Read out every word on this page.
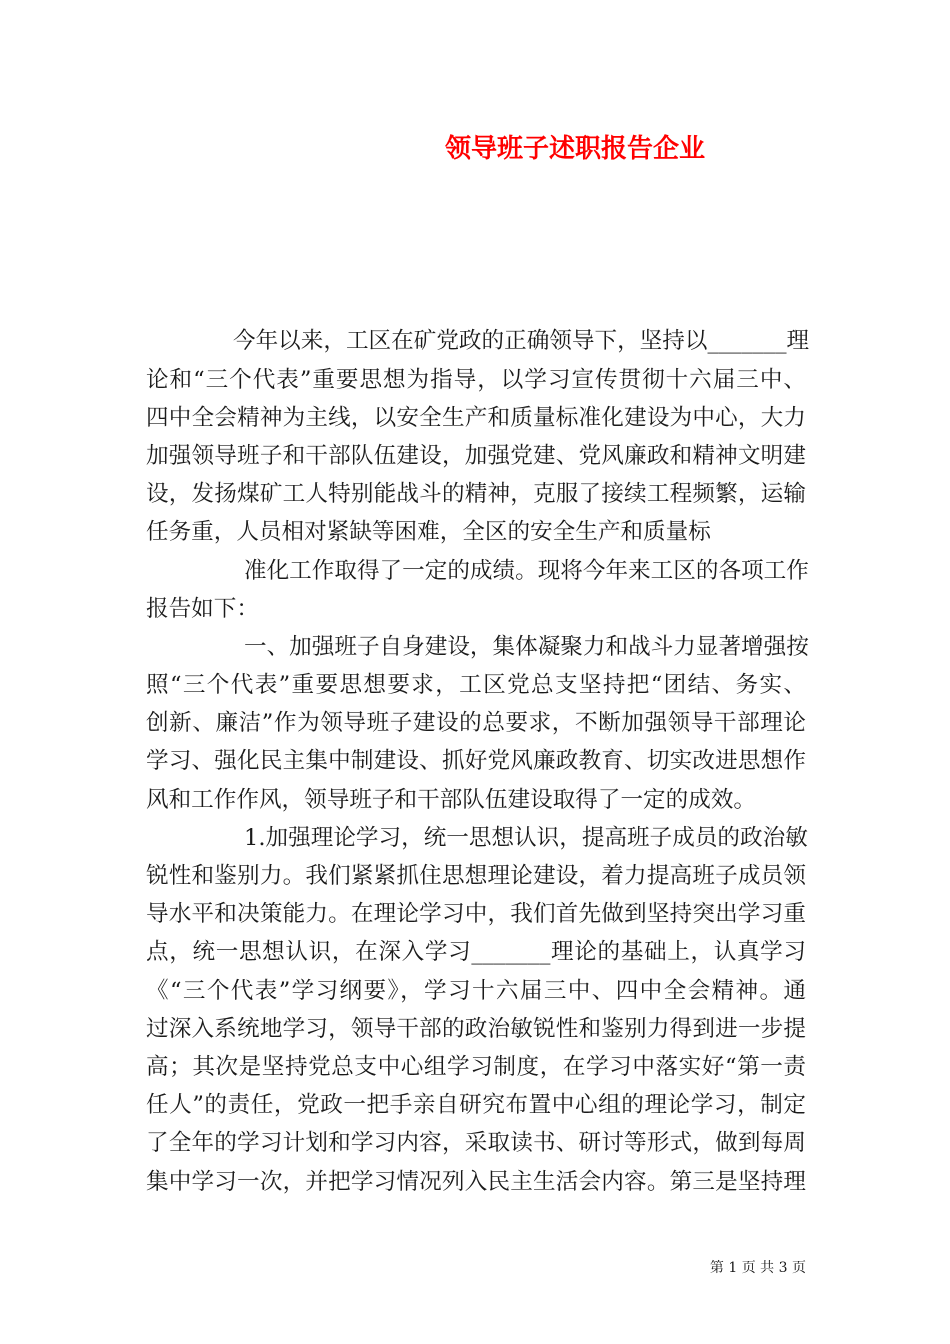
领导班子述职报告企业
今年以来，工区在矿党政的正确领导下，坚持以_______理
论和“三个代表”重要思想为指导，以学习宣传贯彻十六届三中、
四中全会精神为主线，以安全生产和质量标准化建设为中心，大力
加强领导班子和干部队伍建设，加强党建、党风廉政和精神文明建
设，发扬煤矿工人特别能战斗的精神，克服了接续工程频繁，运输
任务重，人员相对紧缺等困难，全区的安全生产和质量标
准化工作取得了一定的成绩。现将今年来工区的各项工作
报告如下：
一、加强班子自身建设，集体凝聚力和战斗力显著增强按
照“三个代表”重要思想要求，工区党总支坚持把“团结、务实、
创新、廉洁”作为领导班子建设的总要求，不断加强领导干部理论
学习、强化民主集中制建设、抓好党风廉政教育、切实改进思想作
风和工作作风，领导班子和干部队伍建设取得了一定的成效。
1.加强理论学习，统一思想认识，提高班子成员的政治敏
锐性和鉴别力。我们紧紧抓住思想理论建设，着力提高班子成员领
导水平和决策能力。在理论学习中，我们首先做到坚持突出学习重
点，统一思想认识，在深入学习_______理论的基础上，认真学习
《“三个代表”学习纲要》，学习十六届三中、四中全会精神。通
过深入系统地学习，领导干部的政治敏锐性和鉴别力得到进一步提
高；其次是坚持党总支中心组学习制度，在学习中落实好“第一责
任人”的责任，党政一把手亲自研究布置中心组的理论学习，制定
了全年的学习计划和学习内容，采取读书、研讨等形式，做到每周
集中学习一次，并把学习情况列入民主生活会内容。第三是坚持理
第 1 页 共 3 页
